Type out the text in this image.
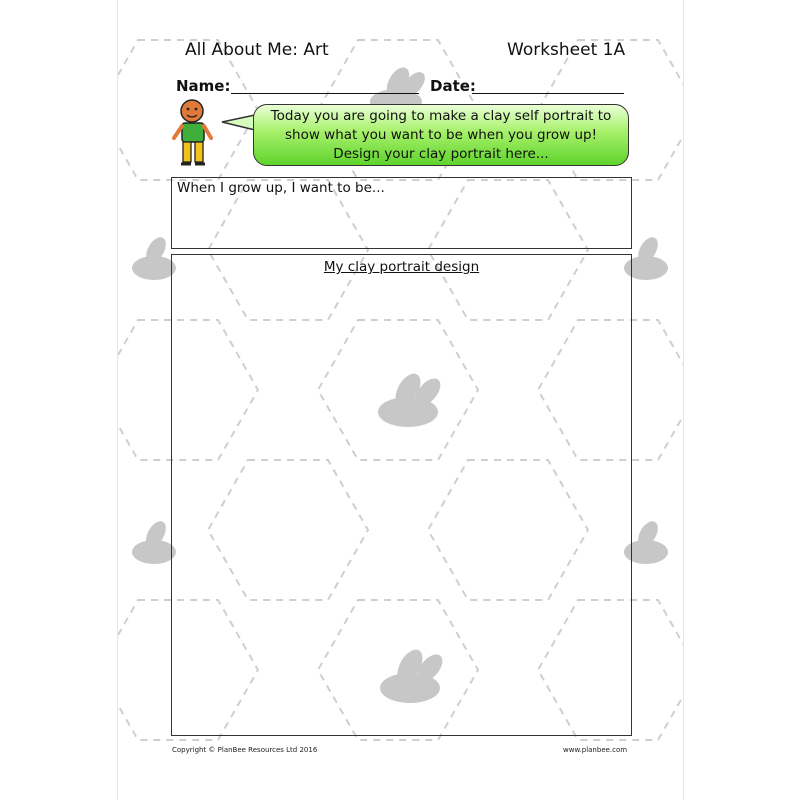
All About Me: Art	Worksheet 1A
Name:	Date:
Today you are going to make a clay self portrait to show what you want to be when you grow up! Design your clay portrait here...
When I grow up, I want to be...
My clay portrait design
Copyright © PlanBee Resources Ltd 2016	www.planbee.com
